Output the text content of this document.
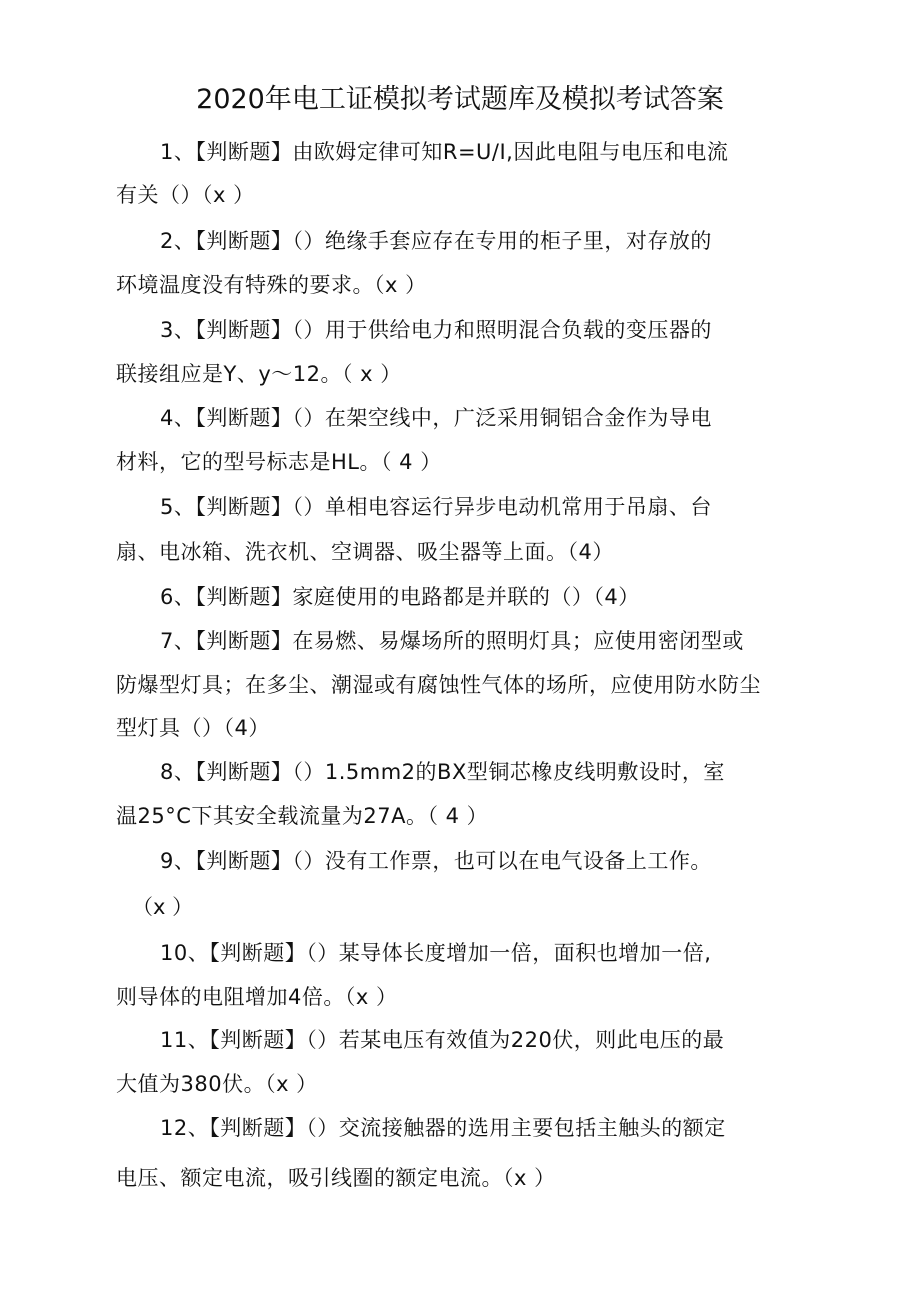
2020年电工证模拟考试题库及模拟考试答案
1、【判断题】由欧姆定律可知R=U/I,因此电阻与电压和电流
有关（）（x ）
2、【判断题】（）绝缘手套应存在专用的柜子里，对存放的
环境温度没有特殊的要求。（x ）
3、【判断题】（）用于供给电力和照明混合负载的变压器的
联接组应是Y、y～12。（ x ）
4、【判断题】（）在架空线中，广泛采用铜铝合金作为导电
材料，它的型号标志是HL。（ 4 ）
5、【判断题】（）单相电容运行异步电动机常用于吊扇、台
扇、电冰箱、洗衣机、空调器、吸尘器等上面。（4）
6、【判断题】家庭使用的电路都是并联的（）（4）
7、【判断题】在易燃、易爆场所的照明灯具；应使用密闭型或
防爆型灯具；在多尘、潮湿或有腐蚀性气体的场所，应使用防水防尘
型灯具（）（4）
8、【判断题】（）1.5mm2的BX型铜芯橡皮线明敷设时，室
温25°C下其安全载流量为27A。（ 4 ）
9、【判断题】（）没有工作票，也可以在电气设备上工作。
（x ）
10、【判断题】（）某导体长度增加一倍，面积也增加一倍,
则导体的电阻增加4倍。（x ）
11、【判断题】（）若某电压有效值为220伏，则此电压的最
大值为380伏。（x ）
12、【判断题】（）交流接触器的选用主要包括主触头的额定
电压、额定电流，吸引线圈的额定电流。（x ）
